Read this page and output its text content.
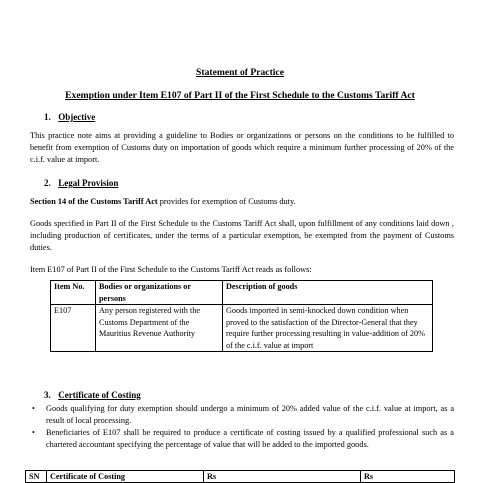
Statement of Practice
Exemption under Item E107 of Part II of the First Schedule to the Customs Tariff Act
1. Objective

This practice note aims at providing a guideline to Bodies or organizations or persons on the conditions to be fulfilled to benefit from exemption of Customs duty on importation of goods which require a minimum further processing of 20% of the c.i.f. value at import.

2. Legal Provision

Section 14 of the Customs Tariff Act provides for exemption of Customs duty.

Goods specified in Part II of the First Schedule to the Customs Tariff Act shall, upon fulfillment of any conditions laid down , including production of certificates, under the terms of a particular exemption, be exempted from the payment of Customs duties.

Item E107 of Part II of the First Schedule to the Customs Tariff Act reads as follows:

Item No.	Bodies or organizations or persons	Description of goods
E107	Any person registered with the Customs Department of the Mauritius Revenue Authority	Goods imported in semi-knocked down condition when proved to the satisfaction of the Director-General that they require further processing resulting in value-addition of 20% of the c.i.f. value at import
3. Certificate of Costing
• Goods qualifying for duty exemption should undergo a minimum of 20% added value of the c.i.f. value at import, as a result of local processing.
• Beneficiaries of E107 shall be required to produce a certificate of costing issued by a qualified professional such as a chartered accountant specifying the percentage of value that will be added to the imported goods.
SN	Certificate of Costing	Rs	Rs
